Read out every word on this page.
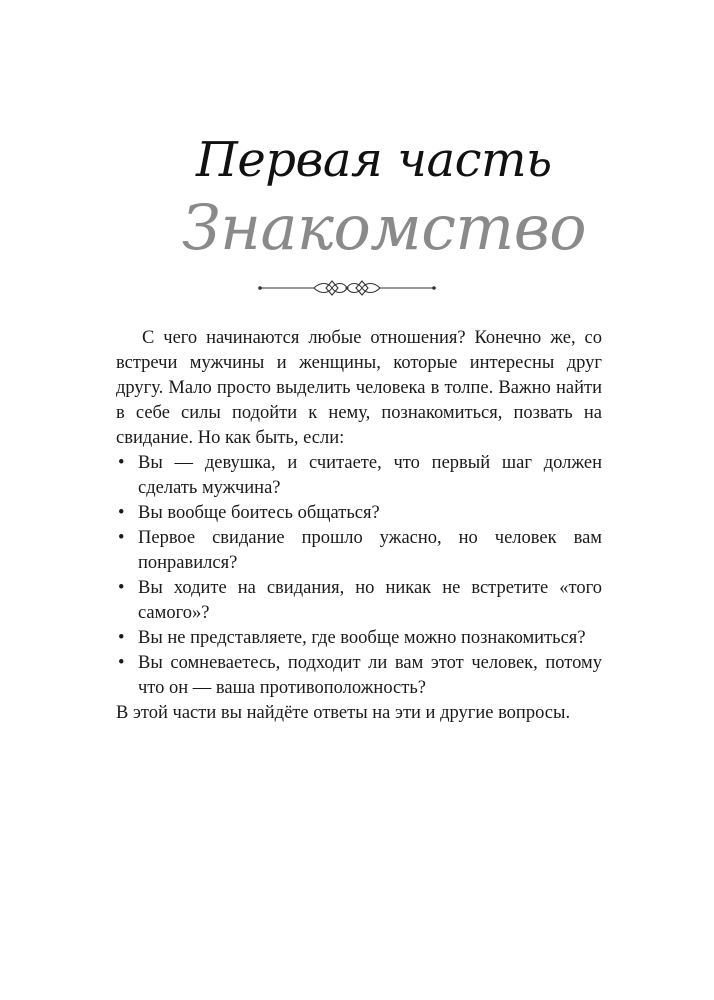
Первая часть
Знакомство

С чего начинаются любые отношения? Конечно же, со встречи мужчины и женщины, которые интересны друг другу. Мало просто выделить человека в толпе. Важно найти в себе силы подойти к нему, познакомиться, позвать на свидание. Но как быть, если:

• Вы — девушка, и считаете, что первый шаг должен сделать мужчина?
• Вы вообще боитесь общаться?
• Первое свидание прошло ужасно, но человек вам понравился?
• Вы ходите на свидания, но никак не встретите «того самого»?
• Вы не представляете, где вообще можно познакомиться?
• Вы сомневаетесь, подходит ли вам этот человек, потому что он — ваша противоположность?

В этой части вы найдёте ответы на эти и другие вопросы.
